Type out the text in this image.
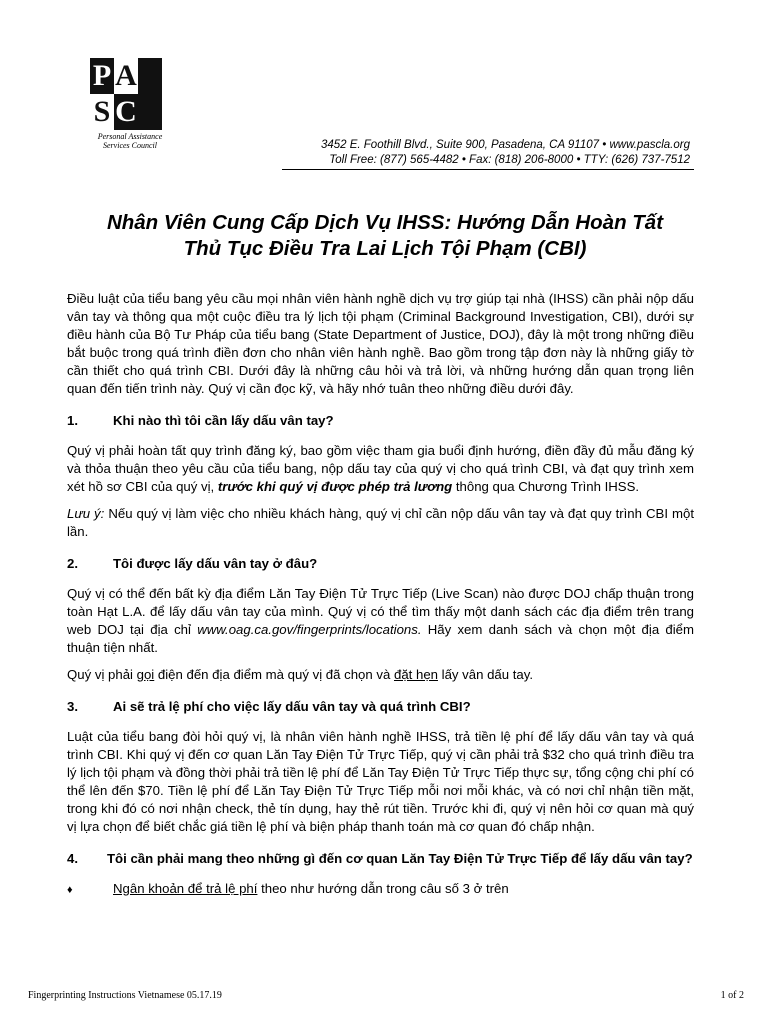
P A
S C
Personal Assistance
Services Council	3452 E. Foothill Blvd., Suite 900, Pasadena, CA 91107 • www.pascla.org
Toll Free: (877) 565-4482 • Fax: (818) 206-8000 • TTY: (626) 737-7512
Nhân Viên Cung Cấp Dịch Vụ IHSS: Hướng Dẫn Hoàn Tất
Thủ Tục Điều Tra Lai Lịch Tội Phạm (CBI)

Điều luật của tiểu bang yêu cầu mọi nhân viên hành nghề dịch vụ trợ giúp tại nhà (IHSS) cần phải nộp dấu vân tay và thông qua một cuộc điều tra lý lịch tội phạm (Criminal Background Investigation, CBI), dưới sự điều hành của Bộ Tư Pháp của tiểu bang (State Department of Justice, DOJ), đây là một trong những điều bắt buộc trong quá trình điền đơn cho nhân viên hành nghề. Bao gồm trong tập đơn này là những giấy tờ cần thiết cho quá trình CBI. Dưới đây là những câu hỏi và trả lời, và những hướng dẫn quan trọng liên quan đến tiến trình này. Quý vị cần đọc kỹ, và hãy nhớ tuân theo những điều dưới đây.

1.	Khi nào thì tôi cần lấy dấu vân tay?

Quý vị phải hoàn tất quy trình đăng ký, bao gồm việc tham gia buổi định hướng, điền đầy đủ mẫu đăng ký và thỏa thuận theo yêu cầu của tiểu bang, nộp dấu tay của quý vị cho quá trình CBI, và đạt quy trình xem xét hồ sơ CBI của quý vị, trước khi quý vị được phép trả lương thông qua Chương Trình IHSS.

Lưu ý: Nếu quý vị làm việc cho nhiều khách hàng, quý vị chỉ cần nộp dấu vân tay và đạt quy trình CBI một lần.

2.	Tôi được lấy dấu vân tay ở đâu?

Quý vị có thể đến bất kỳ địa điểm Lăn Tay Điện Tử Trực Tiếp (Live Scan) nào được DOJ chấp thuận trong toàn Hạt L.A. để lấy dấu vân tay của mình. Quý vị có thể tìm thấy một danh sách các địa điểm trên trang web DOJ tại địa chỉ www.oag.ca.gov/fingerprints/locations. Hãy xem danh sách và chọn một địa điểm thuận tiện nhất.

Quý vị phải gọi điện đến địa điểm mà quý vị đã chọn và đặt hẹn lấy vân dấu tay.

3.	Ai sẽ trả lệ phí cho việc lấy dấu vân tay và quá trình CBI?

Luật của tiểu bang đòi hỏi quý vị, là nhân viên hành nghề IHSS, trả tiền lệ phí để lấy dấu vân tay và quá trình CBI. Khi quý vị đến cơ quan Lăn Tay Điện Tử Trực Tiếp, quý vị cần phải trả $32 cho quá trình điều tra lý lịch tội phạm và đồng thời phải trả tiền lệ phí để Lăn Tay Điện Tử Trực Tiếp thực sự, tổng cộng chi phí có thể lên đến $70. Tiền lệ phí để Lăn Tay Điện Tử Trực Tiếp mỗi nơi mỗi khác, và có nơi chỉ nhận tiền mặt, trong khi đó có nơi nhận check, thẻ tín dụng, hay thẻ rút tiền. Trước khi đi, quý vị nên hỏi cơ quan mà quý vị lựa chọn để biết chắc giá tiền lệ phí và biện pháp thanh toán mà cơ quan đó chấp nhận.

4. Tôi cần phải mang theo những gì đến cơ quan Lăn Tay Điện Tử Trực Tiếp để lấy dấu vân tay?

♦	Ngân khoản để trả lệ phí theo như hướng dẫn trong câu số 3 ở trên

Fingerprinting Instructions Vietnamese 05.17.19	1 of 2
